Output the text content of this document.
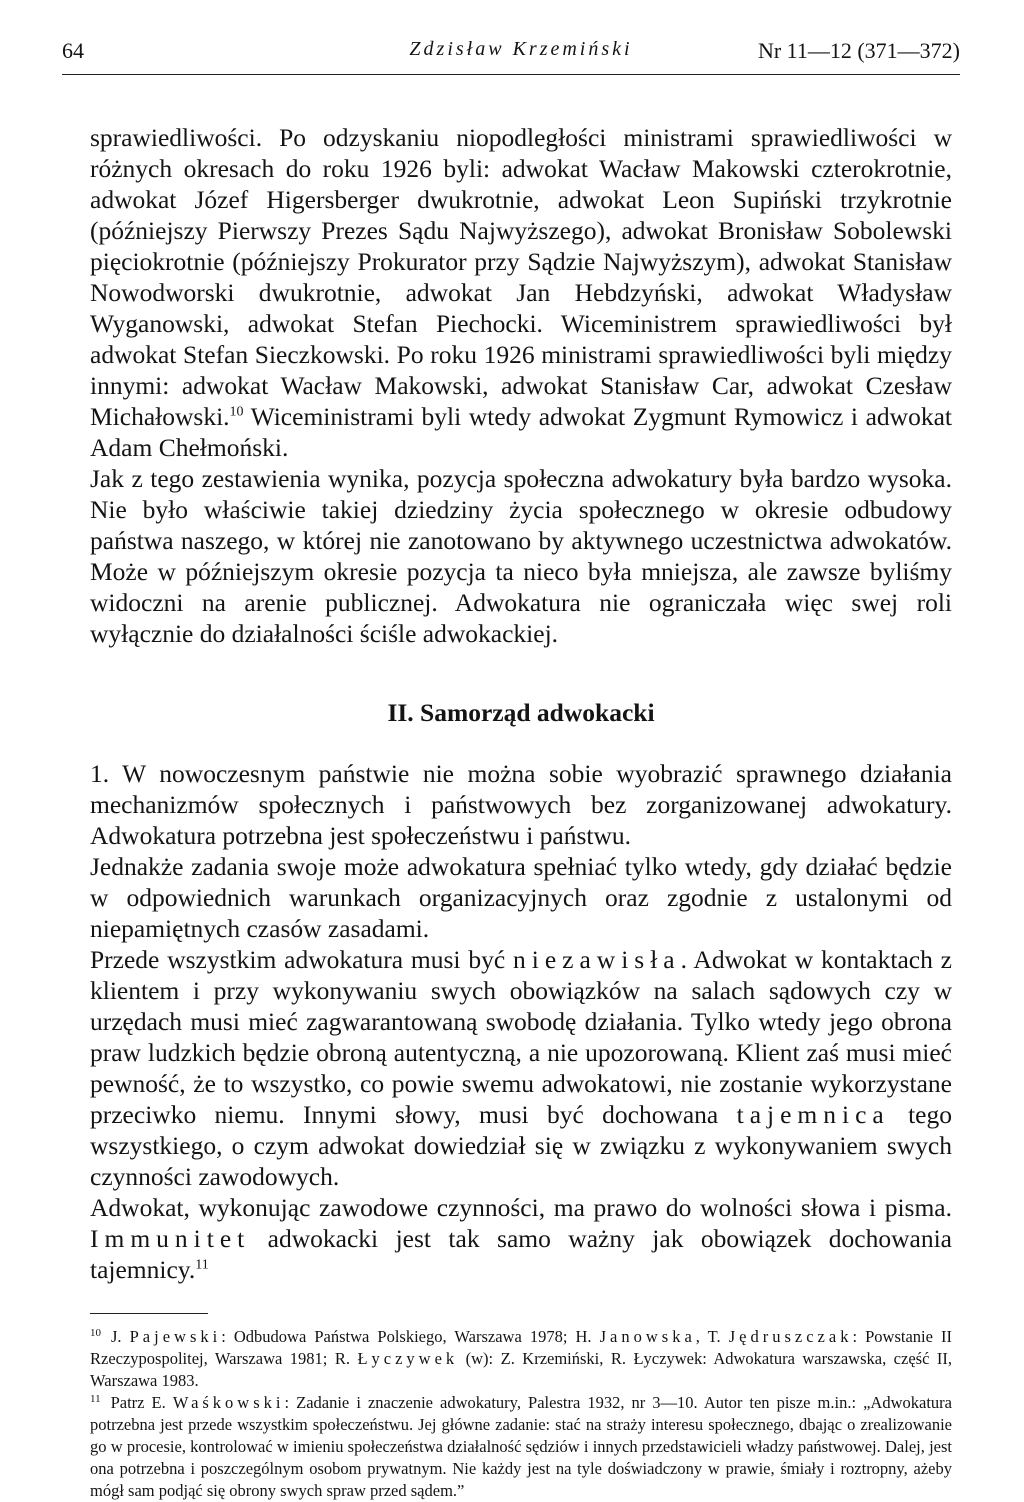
64	Zdzisław Krzemiński	Nr 11—12 (371—372)

sprawiedliwości. Po odzyskaniu niopodległości ministrami sprawiedliwości w różnych okresach do roku 1926 byli: adwokat Wacław Makowski czterokrotnie, adwokat Józef Higersberger dwukrotnie, adwokat Leon Supiński trzykrotnie (późniejszy Pierwszy Prezes Sądu Najwyższego), adwokat Bronisław Sobolewski pięciokrotnie (późniejszy Prokurator przy Sądzie Najwyższym), adwokat Stanisław Nowodworski dwukrotnie, adwokat Jan Hebdzyński, adwokat Władysław Wyganowski, adwokat Stefan Piechocki. Wiceministrem sprawiedliwości był adwokat Stefan Sieczkowski. Po roku 1926 ministrami sprawiedliwości byli między innymi: adwokat Wacław Makowski, adwokat Stanisław Car, adwokat Czesław Michałowski.$^{10}$ Wiceministrami byli wtedy adwokat Zygmunt Rymowicz i adwokat Adam Chełmoński.

Jak z tego zestawienia wynika, pozycja społeczna adwokatury była bardzo wysoka. Nie było właściwie takiej dziedziny życia społecznego w okresie odbudowy państwa naszego, w której nie zanotowano by aktywnego uczestnictwa adwokatów. Może w późniejszym okresie pozycja ta nieco była mniejsza, ale zawsze byliśmy widoczni na arenie publicznej. Adwokatura nie ograniczała więc swej roli wyłącznie do działalności ściśle adwokackiej.

II. Samorząd adwokacki

1. W nowoczesnym państwie nie można sobie wyobrazić sprawnego działania mechanizmów społecznych i państwowych bez zorganizowanej adwokatury. Adwokatura potrzebna jest społeczeństwu i państwu.

Jednakże zadania swoje może adwokatura spełniać tylko wtedy, gdy działać będzie w odpowiednich warunkach organizacyjnych oraz zgodnie z ustalonymi od niepamiętnych czasów zasadami.

Przede wszystkim adwokatura musi być niezawisła. Adwokat w kontaktach z klientem i przy wykonywaniu swych obowiązków na salach sądowych czy w urzędach musi mieć zagwarantowaną swobodę działania. Tylko wtedy jego obrona praw ludzkich będzie obroną autentyczną, a nie upozorowaną. Klient zaś musi mieć pewność, że to wszystko, co powie swemu adwokatowi, nie zostanie wykorzystane przeciwko niemu. Innymi słowy, musi być dochowana tajemnica tego wszystkiego, o czym adwokat dowiedział się w związku z wykonywaniem swych czynności zawodowych.

Adwokat, wykonując zawodowe czynności, ma prawo do wolności słowa i pisma. Immunitet adwokacki jest tak samo ważny jak obowiązek dochowania tajemnicy.$^{11}$

$^{10}$ J. Pajewski: Odbudowa Państwa Polskiego, Warszawa 1978; H. Janowska, T. Jędruszczak: Powstanie II Rzeczypospolitej, Warszawa 1981; R. Łyczywek (w): Z. Krzemiński, R. Łyczywek: Adwokatura warszawska, część II, Warszawa 1983.

$^{11}$ Patrz E. Waśkowski: Zadanie i znaczenie adwokatury, Palestra 1932, nr 3—10. Autor ten pisze m.in.: „Adwokatura potrzebna jest przede wszystkim społeczeństwu. Jej główne zadanie: stać na straży interesu społecznego, dbając o zrealizowanie go w procesie, kontrolować w imieniu społeczeństwa działalność sędziów i innych przedstawicieli władzy państwowej. Dalej, jest ona potrzebna i poszczególnym osobom prywatnym. Nie każdy jest na tyle doświadczony w prawie, śmiały i roztropny, ażeby mógł sam podjąć się obrony swych spraw przed sądem.”
